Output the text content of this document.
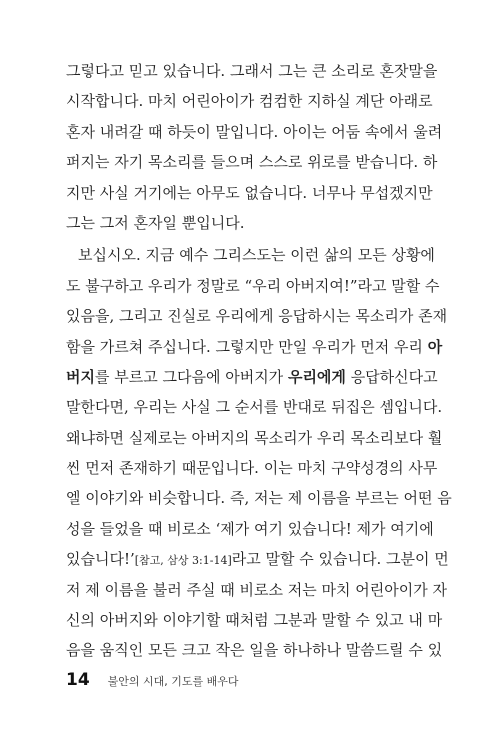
그렇다고 믿고 있습니다. 그래서 그는 큰 소리로 혼잣말을
시작합니다. 마치 어린아이가 컴컴한 지하실 계단 아래로
혼자 내려갈 때 하듯이 말입니다. 아이는 어둠 속에서 울려
퍼지는 자기 목소리를 들으며 스스로 위로를 받습니다. 하
지만 사실 거기에는 아무도 없습니다. 너무나 무섭겠지만
그는 그저 혼자일 뿐입니다.
보십시오. 지금 예수 그리스도는 이런 삶의 모든 상황에
도 불구하고 우리가 정말로 “우리 아버지여!”라고 말할 수
있음을, 그리고 진실로 우리에게 응답하시는 목소리가 존재
함을 가르쳐 주십니다. 그렇지만 만일 우리가 먼저 우리 아
버지를 부르고 그다음에 아버지가 우리에게 응답하신다고
말한다면, 우리는 사실 그 순서를 반대로 뒤집은 셈입니다.
왜냐하면 실제로는 아버지의 목소리가 우리 목소리보다 훨
씬 먼저 존재하기 때문입니다. 이는 마치 구약성경의 사무
엘 이야기와 비슷합니다. 즉, 저는 제 이름을 부르는 어떤 음
성을 들었을 때 비로소 ‘제가 여기 있습니다! 제가 여기에
있습니다!’[참고, 삼상 3:1-14]라고 말할 수 있습니다. 그분이 먼
저 제 이름을 불러 주실 때 비로소 저는 마치 어린아이가 자
신의 아버지와 이야기할 때처럼 그분과 말할 수 있고 내 마
음을 움직인 모든 크고 작은 일을 하나하나 말씀드릴 수 있
14 불안의 시대, 기도를 배우다
